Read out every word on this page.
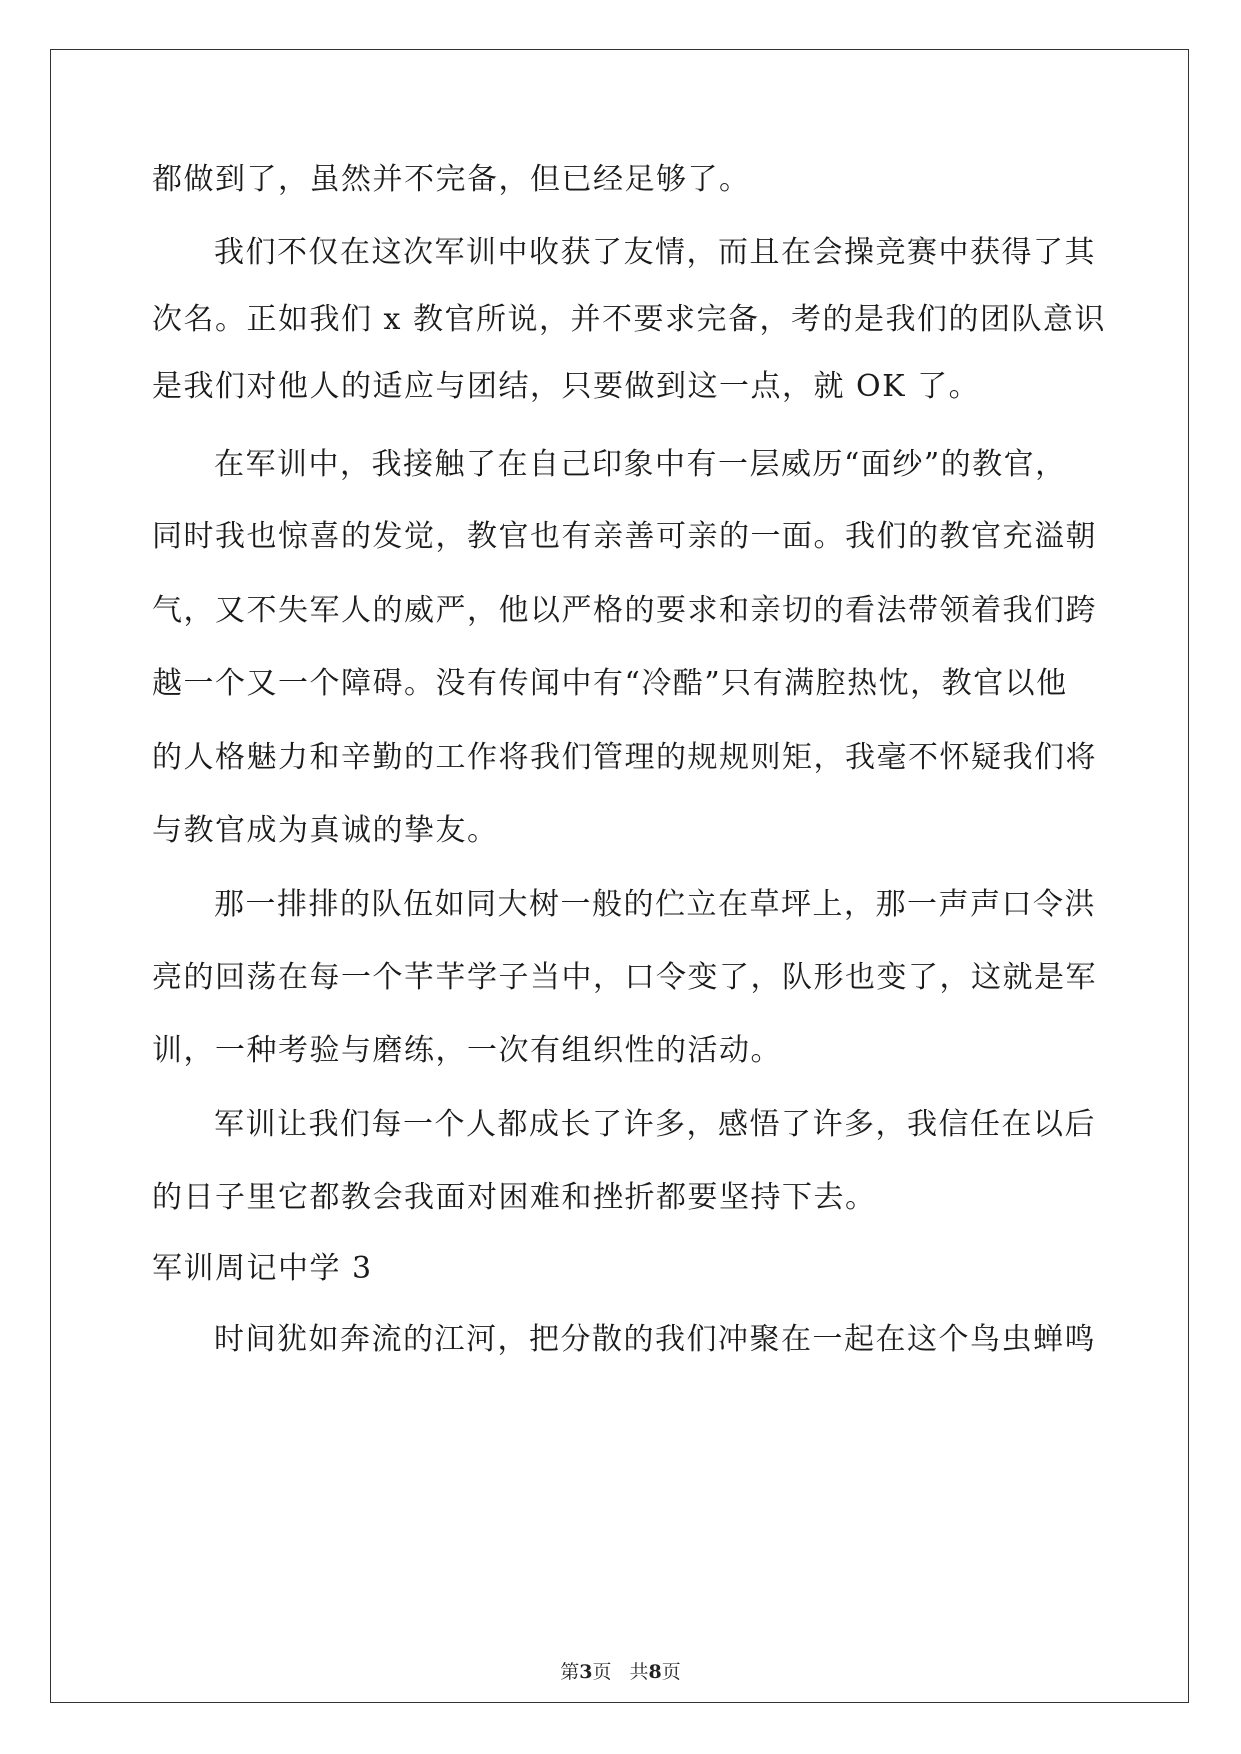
都做到了，虽然并不完备，但已经足够了。
我们不仅在这次军训中收获了友情，而且在会操竞赛中获得了其
次名。正如我们 x 教官所说，并不要求完备，考的是我们的团队意识
是我们对他人的适应与团结，只要做到这一点，就 OK 了。
在军训中，我接触了在自己印象中有一层威历“面纱”的教官，
同时我也惊喜的发觉，教官也有亲善可亲的一面。我们的教官充溢朝
气，又不失军人的威严，他以严格的要求和亲切的看法带领着我们跨
越一个又一个障碍。没有传闻中有“冷酷”只有满腔热忱，教官以他
的人格魅力和辛勤的工作将我们管理的规规则矩，我毫不怀疑我们将
与教官成为真诚的挚友。
那一排排的队伍如同大树一般的伫立在草坪上，那一声声口令洪
亮的回荡在每一个芊芊学子当中，口令变了，队形也变了，这就是军
训，一种考验与磨练，一次有组织性的活动。
军训让我们每一个人都成长了许多，感悟了许多，我信任在以后
的日子里它都教会我面对困难和挫折都要坚持下去。
军训周记中学 3
时间犹如奔流的江河，把分散的我们冲聚在一起在这个鸟虫蝉鸣
第3页 共8页
